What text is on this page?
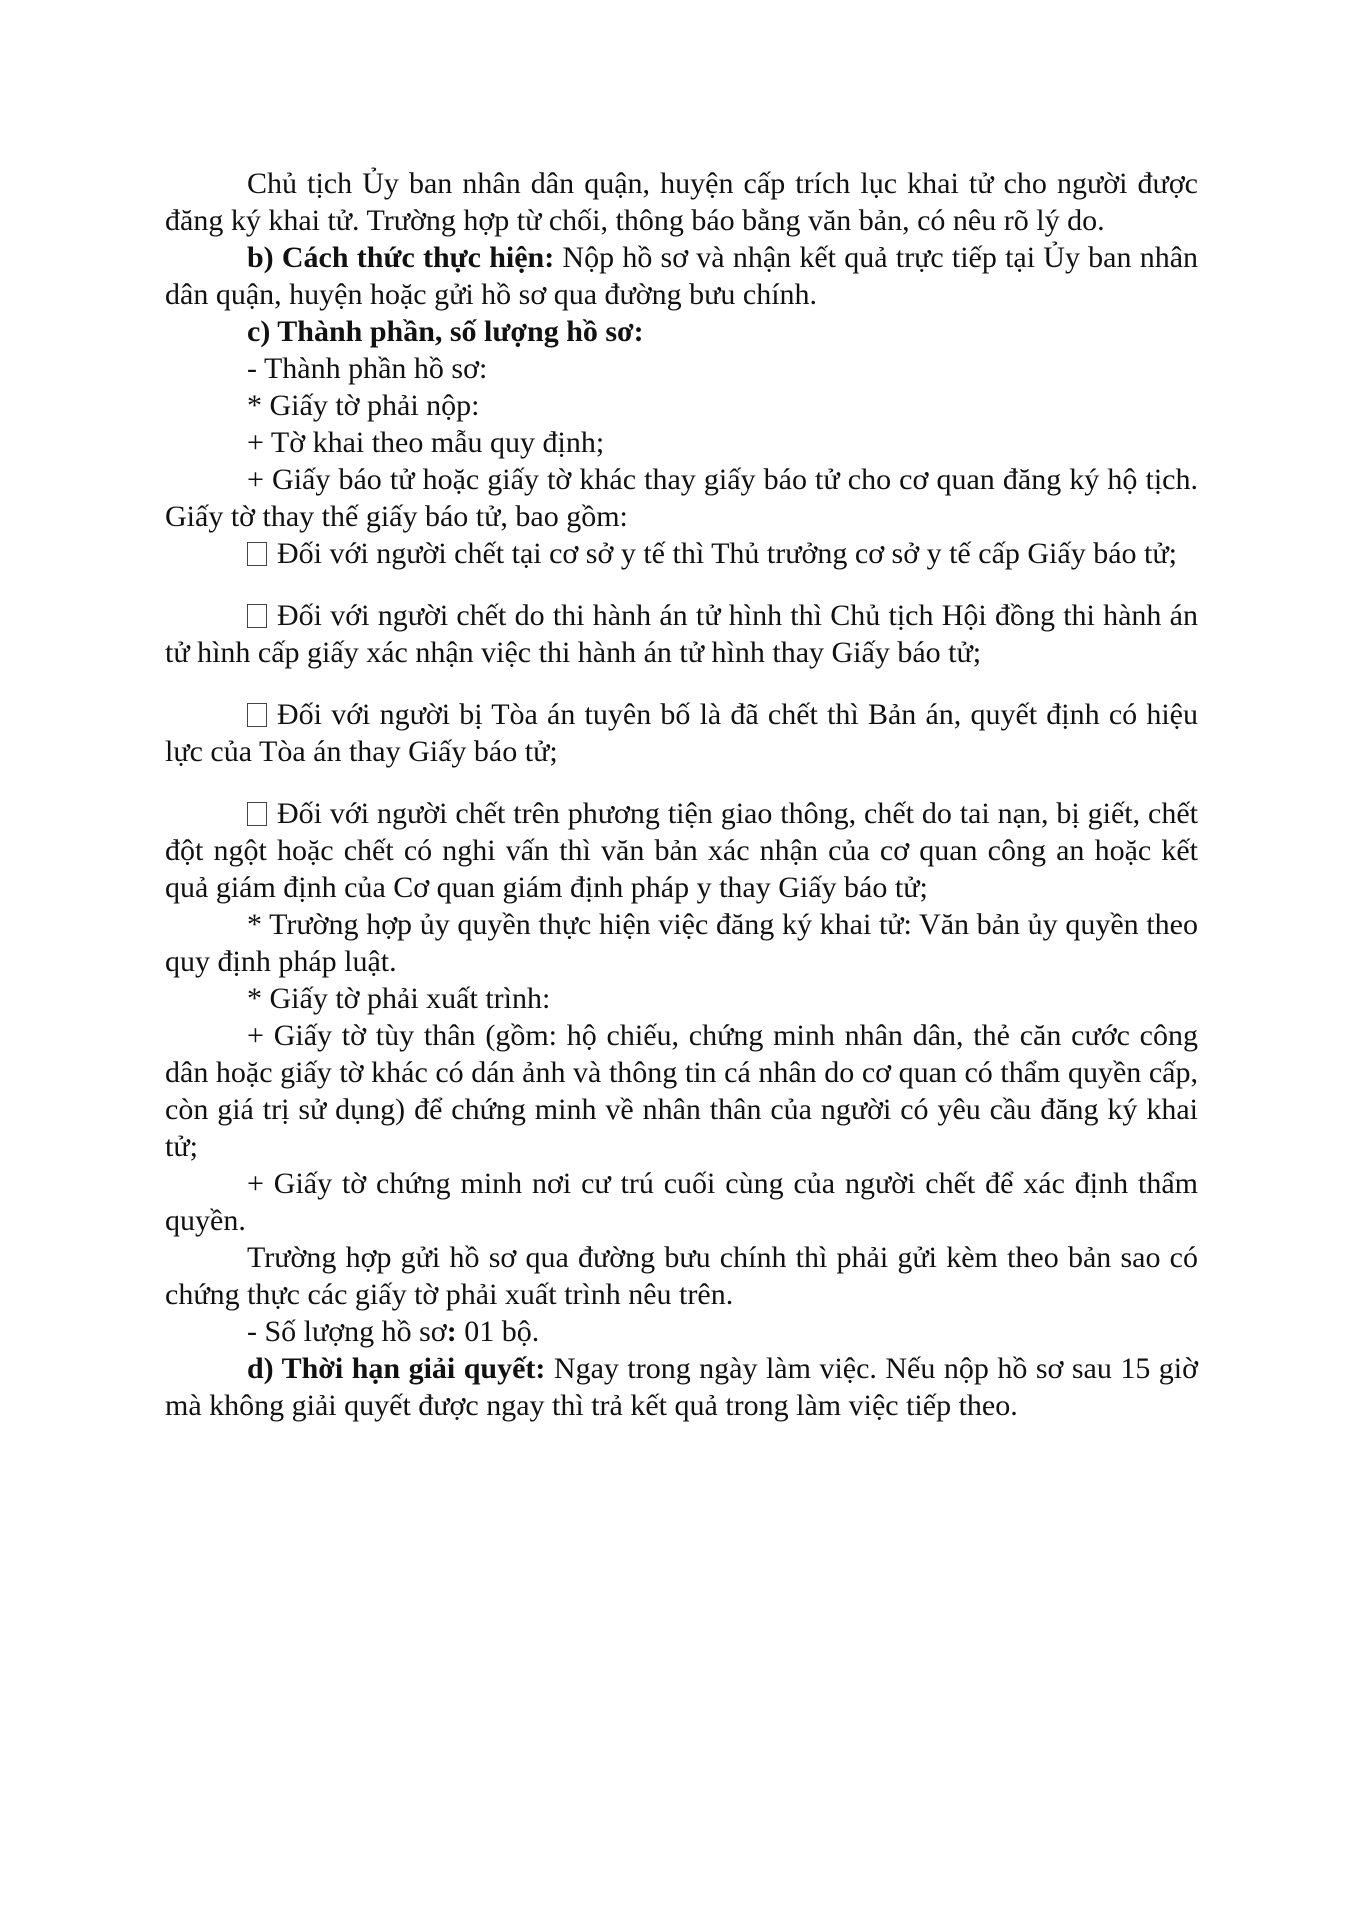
Chủ tịch Ủy ban nhân dân quận, huyện cấp trích lục khai tử cho người được đăng ký khai tử. Trường hợp từ chối, thông báo bằng văn bản, có nêu rõ lý do.

b) Cách thức thực hiện: Nộp hồ sơ và nhận kết quả trực tiếp tại Ủy ban nhân dân quận, huyện hoặc gửi hồ sơ qua đường bưu chính.

c) Thành phần, số lượng hồ sơ:

- Thành phần hồ sơ:

* Giấy tờ phải nộp:

+ Tờ khai theo mẫu quy định;

+ Giấy báo tử hoặc giấy tờ khác thay giấy báo tử cho cơ quan đăng ký hộ tịch. Giấy tờ thay thế giấy báo tử, bao gồm:

Đối với người chết tại cơ sở y tế thì Thủ trưởng cơ sở y tế cấp Giấy báo tử;

Đối với người chết do thi hành án tử hình thì Chủ tịch Hội đồng thi hành án tử hình cấp giấy xác nhận việc thi hành án tử hình thay Giấy báo tử;

Đối với người bị Tòa án tuyên bố là đã chết thì Bản án, quyết định có hiệu lực của Tòa án thay Giấy báo tử;

Đối với người chết trên phương tiện giao thông, chết do tai nạn, bị giết, chết đột ngột hoặc chết có nghi vấn thì văn bản xác nhận của cơ quan công an hoặc kết quả giám định của Cơ quan giám định pháp y thay Giấy báo tử;

* Trường hợp ủy quyền thực hiện việc đăng ký khai tử: Văn bản ủy quyền theo quy định pháp luật.

* Giấy tờ phải xuất trình:

+ Giấy tờ tùy thân (gồm: hộ chiếu, chứng minh nhân dân, thẻ căn cước công dân hoặc giấy tờ khác có dán ảnh và thông tin cá nhân do cơ quan có thẩm quyền cấp, còn giá trị sử dụng) để chứng minh về nhân thân của người có yêu cầu đăng ký khai tử;

+ Giấy tờ chứng minh nơi cư trú cuối cùng của người chết để xác định thẩm quyền.

Trường hợp gửi hồ sơ qua đường bưu chính thì phải gửi kèm theo bản sao có chứng thực các giấy tờ phải xuất trình nêu trên.

- Số lượng hồ sơ: 01 bộ.

d) Thời hạn giải quyết: Ngay trong ngày làm việc. Nếu nộp hồ sơ sau 15 giờ mà không giải quyết được ngay thì trả kết quả trong làm việc tiếp theo.
